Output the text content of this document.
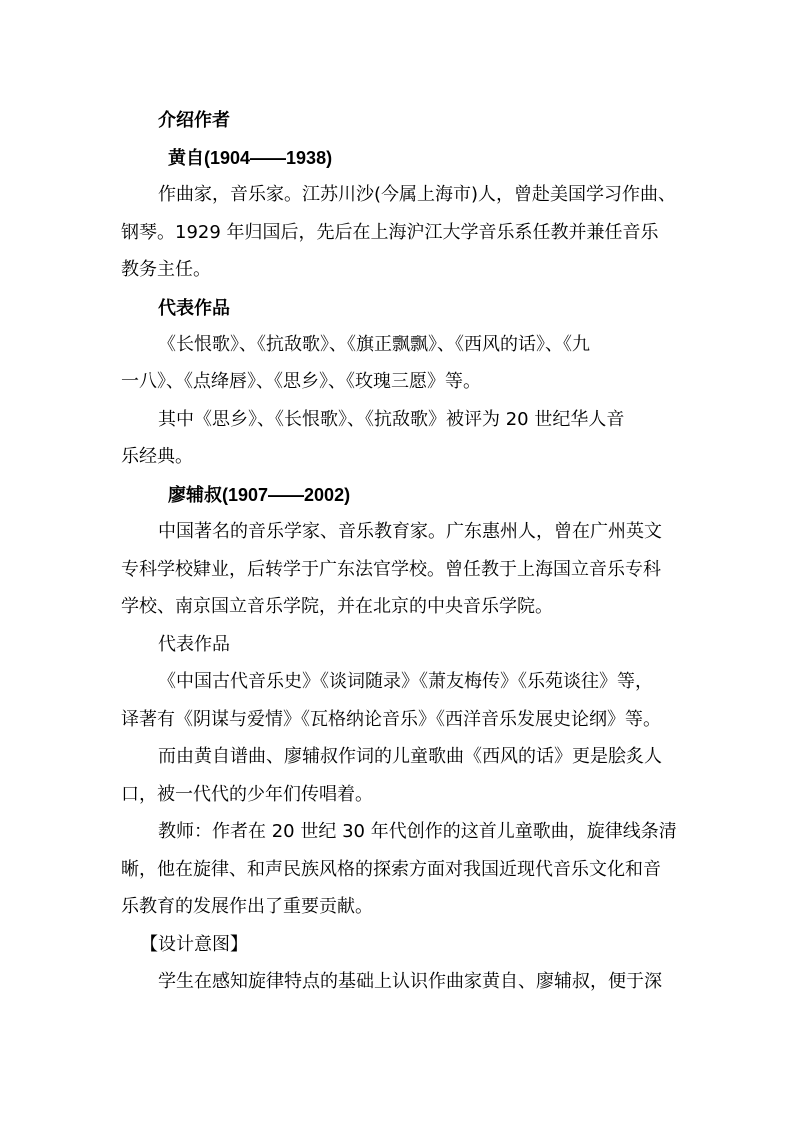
介绍作者
黄自(1904——1938)
作曲家，音乐家。江苏川沙(今属上海市)人，曾赴美国学习作曲、
钢琴。1929 年归国后，先后在上海沪江大学音乐系任教并兼任音乐
教务主任。
代表作品
《长恨歌》、《抗敌歌》、《旗正飘飘》、《西风的话》、《九
一八》、《点绛唇》、《思乡》、《玫瑰三愿》等。
其中《思乡》、《长恨歌》、《抗敌歌》被评为 20 世纪华人音
乐经典。
廖辅叔(1907——2002)
中国著名的音乐学家、音乐教育家。广东惠州人，曾在广州英文
专科学校肄业，后转学于广东法官学校。曾任教于上海国立音乐专科
学校、南京国立音乐学院，并在北京的中央音乐学院。
代表作品
《中国古代音乐史》《谈词随录》《萧友梅传》《乐苑谈往》等，
译著有《阴谋与爱情》《瓦格纳论音乐》《西洋音乐发展史论纲》等。
而由黄自谱曲、廖辅叔作词的儿童歌曲《西风的话》更是脍炙人
口，被一代代的少年们传唱着。
教师：作者在 20 世纪 30 年代创作的这首儿童歌曲，旋律线条清
晰，他在旋律、和声民族风格的探索方面对我国近现代音乐文化和音
乐教育的发展作出了重要贡献。
【设计意图】
学生在感知旋律特点的基础上认识作曲家黄自、廖辅叔，便于深
